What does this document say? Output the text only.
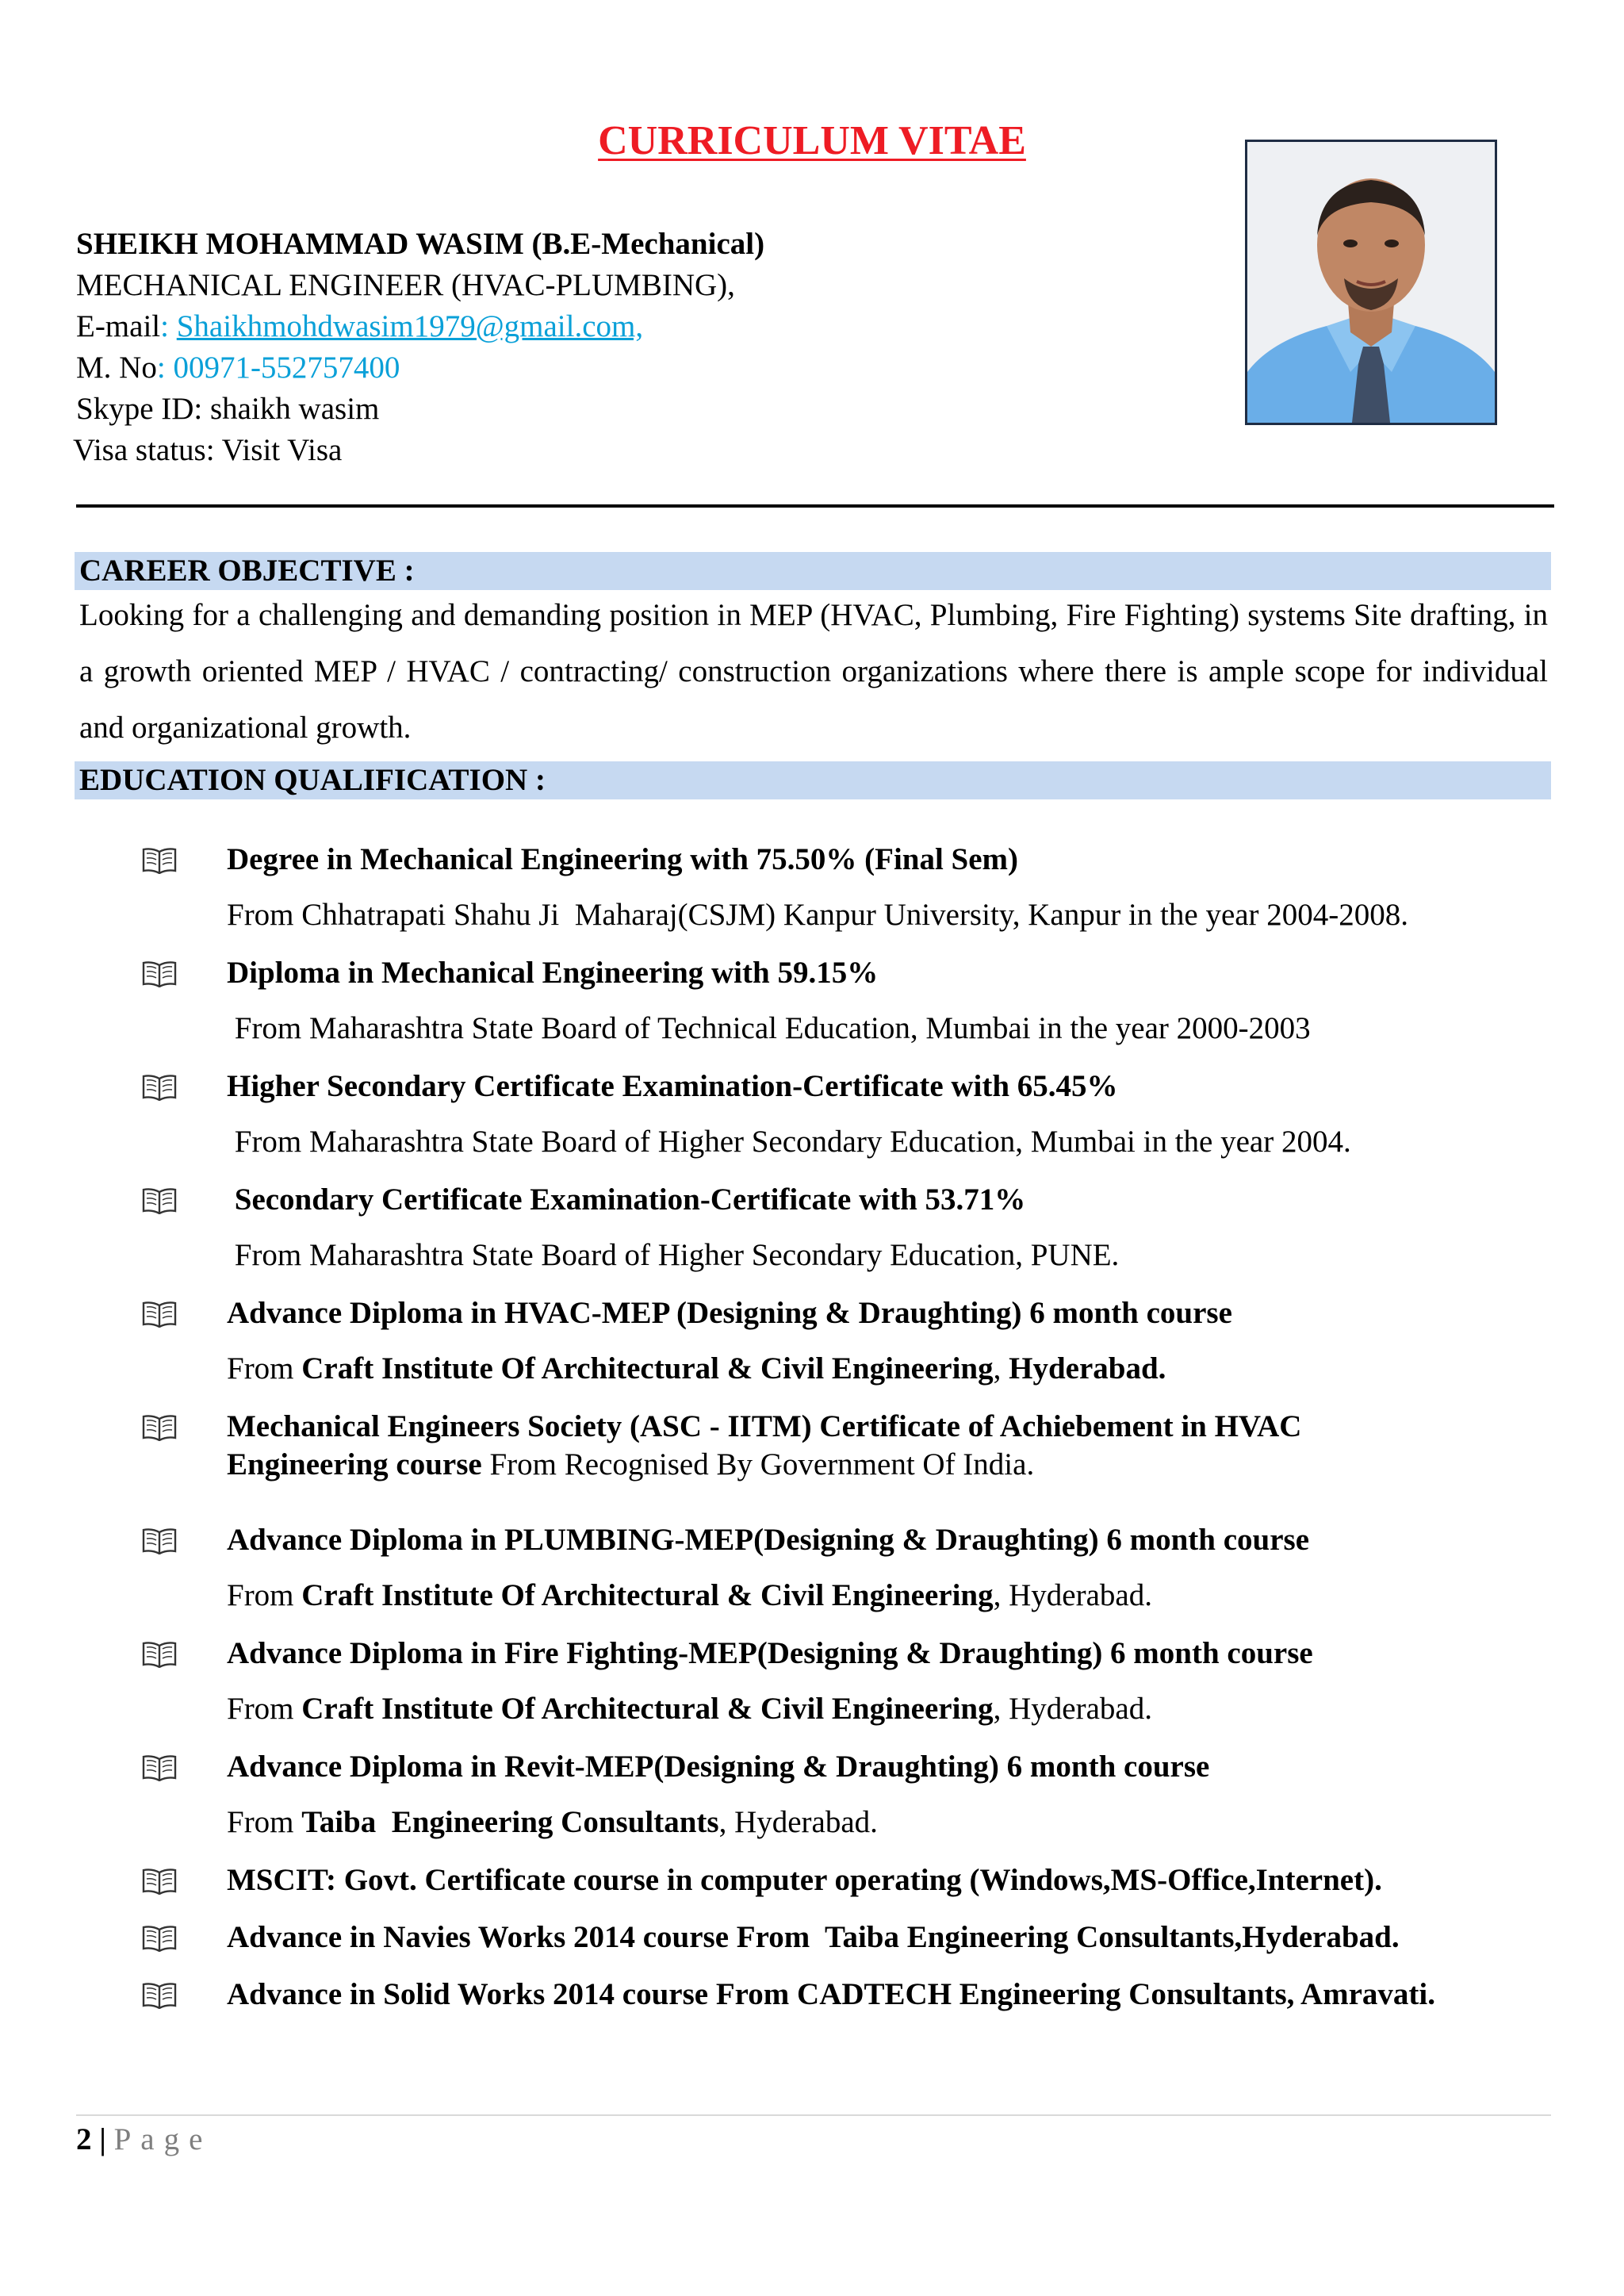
CURRICULUM VITAE
SHEIKH MOHAMMAD WASIM (B.E-Mechanical)
MECHANICAL ENGINEER (HVAC-PLUMBING),
E-mail: Shaikhmohdwasim1979@gmail.com,
M. No: 00971-552757400
Skype ID: shaikh wasim
Visa status: Visit Visa
CAREER OBJECTIVE :
Looking for a challenging and demanding position in MEP (HVAC, Plumbing, Fire Fighting) systems Site drafting, in a growth oriented MEP / HVAC / contracting/ construction organizations where there is ample scope for individual and organizational growth.
EDUCATION QUALIFICATION :
Degree in Mechanical Engineering with 75.50% (Final Sem)
From Chhatrapati Shahu Ji  Maharaj(CSJM) Kanpur University, Kanpur in the year 2004-2008.
Diploma in Mechanical Engineering with 59.15%
From Maharashtra State Board of Technical Education, Mumbai in the year 2000-2003
Higher Secondary Certificate Examination-Certificate with 65.45%
From Maharashtra State Board of Higher Secondary Education, Mumbai in the year 2004.
Secondary Certificate Examination-Certificate with 53.71%
From Maharashtra State Board of Higher Secondary Education, PUNE.
Advance Diploma in HVAC-MEP (Designing & Draughting) 6 month course
From Craft Institute Of Architectural & Civil Engineering, Hyderabad.
Mechanical Engineers Society (ASC - IITM) Certificate of Achiebement in HVAC
Engineering course From Recognised By Government Of India.
Advance Diploma in PLUMBING-MEP(Designing & Draughting) 6 month course
From Craft Institute Of Architectural & Civil Engineering, Hyderabad.
Advance Diploma in Fire Fighting-MEP(Designing & Draughting) 6 month course
From Craft Institute Of Architectural & Civil Engineering, Hyderabad.
Advance Diploma in Revit-MEP(Designing & Draughting) 6 month course
From Taiba  Engineering Consultants, Hyderabad.
MSCIT: Govt. Certificate course in computer operating (Windows,MS-Office,Internet).
Advance in Navies Works 2014 course From  Taiba Engineering Consultants,Hyderabad.
Advance in Solid Works 2014 course From CADTECH Engineering Consultants, Amravati.
2 | Page
